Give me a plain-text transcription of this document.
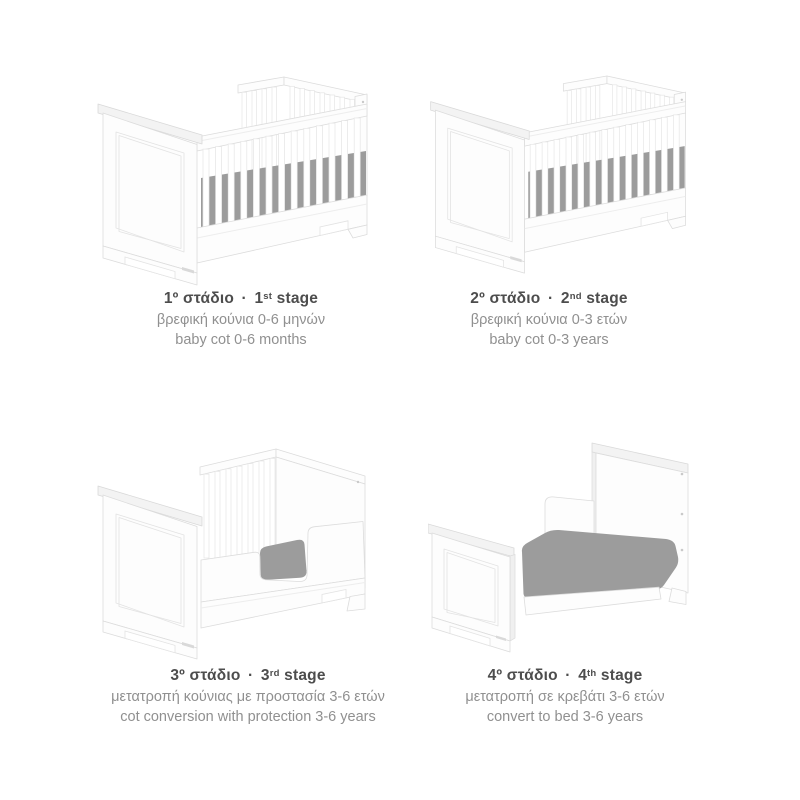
1º στάδιο · 1st stage
βρεφική κούνια 0-6 μηνών
baby cot 0-6 months
2º στάδιο · 2nd stage
βρεφική κούνια 0-3 ετών
baby cot 0-3 years
3º στάδιο · 3rd stage
μετατροπή κούνιας με προστασία 3-6 ετών
cot conversion with protection 3-6 years
4º στάδιο · 4th stage
μετατροπή σε κρεβάτι 3-6 ετών
convert to bed 3-6 years
